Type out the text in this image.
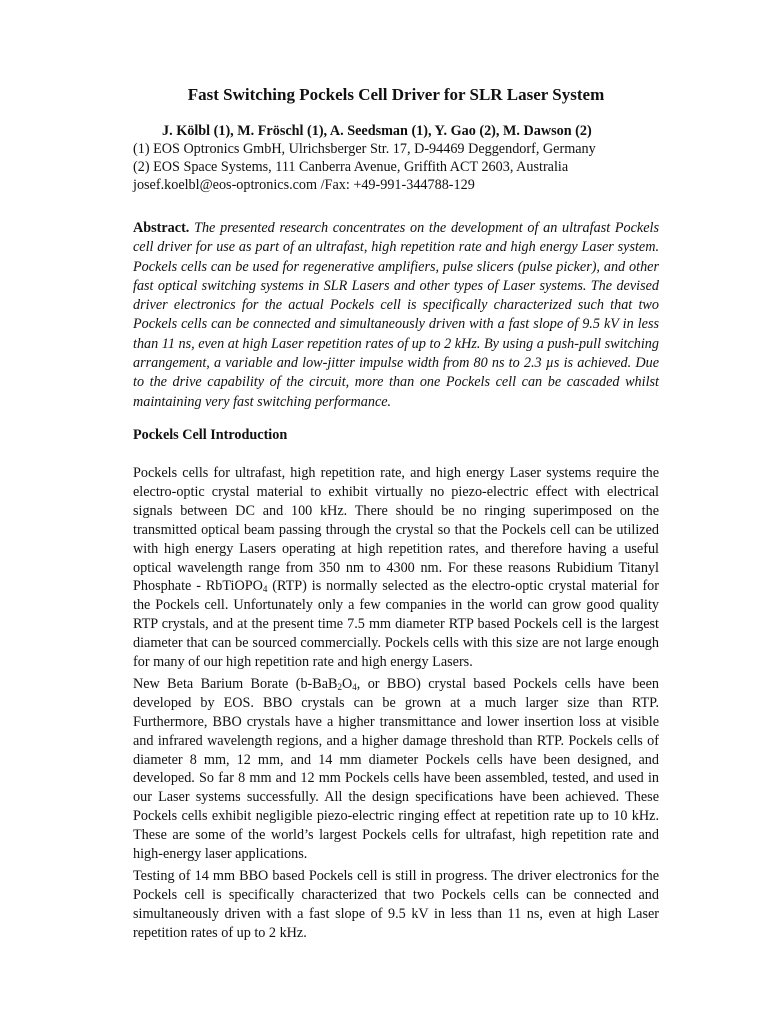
Fast Switching Pockels Cell Driver for SLR Laser System
J. Kölbl (1), M. Fröschl (1), A. Seedsman (1), Y. Gao (2), M. Dawson (2)
(1) EOS Optronics GmbH, Ulrichsberger Str. 17, D-94469 Deggendorf, Germany
(2) EOS Space Systems, 111 Canberra Avenue, Griffith ACT 2603, Australia
josef.koelbl@eos-optronics.com /Fax: +49-991-344788-129
Abstract. The presented research concentrates on the development of an ultrafast Pockels cell driver for use as part of an ultrafast, high repetition rate and high energy Laser system. Pockels cells can be used for regenerative amplifiers, pulse slicers (pulse picker), and other fast optical switching systems in SLR Lasers and other types of Laser systems. The devised driver electronics for the actual Pockels cell is specifically characterized such that two Pockels cells can be connected and simultaneously driven with a fast slope of 9.5 kV in less than 11 ns, even at high Laser repetition rates of up to 2 kHz. By using a push-pull switching arrangement, a variable and low-jitter impulse width from 80 ns to 2.3 µs is achieved. Due to the drive capability of the circuit, more than one Pockels cell can be cascaded whilst maintaining very fast switching performance.
Pockels Cell Introduction

Pockels cells for ultrafast, high repetition rate, and high energy Laser systems require the electro-optic crystal material to exhibit virtually no piezo-electric effect with electrical signals between DC and 100 kHz. There should be no ringing superimposed on the transmitted optical beam passing through the crystal so that the Pockels cell can be utilized with high energy Lasers operating at high repetition rates, and therefore having a useful optical wavelength range from 350 nm to 4300 nm. For these reasons Rubidium Titanyl Phosphate - RbTiOPO$_4$ (RTP) is normally selected as the electro-optic crystal material for the Pockels cell. Unfortunately only a few companies in the world can grow good quality RTP crystals, and at the present time 7.5 mm diameter RTP based Pockels cell is the largest diameter that can be sourced commercially. Pockels cells with this size are not large enough for many of our high repetition rate and high energy Lasers.

New Beta Barium Borate ($b-BaB_2O_4$, or BBO) crystal based Pockels cells have been developed by EOS. BBO crystals can be grown at a much larger size than RTP. Furthermore, BBO crystals have a higher transmittance and lower insertion loss at visible and infrared wavelength regions, and a higher damage threshold than RTP. Pockels cells of diameter 8 mm, 12 mm, and 14 mm diameter Pockels cells have been designed, and developed. So far 8 mm and 12 mm Pockels cells have been assembled, tested, and used in our Laser systems successfully. All the design specifications have been achieved. These Pockels cells exhibit negligible piezo-electric ringing effect at repetition rate up to 10 kHz. These are some of the world’s largest Pockels cells for ultrafast, high repetition rate and high-energy laser applications.

Testing of 14 mm BBO based Pockels cell is still in progress. The driver electronics for the Pockels cell is specifically characterized that two Pockels cells can be connected and simultaneously driven with a fast slope of 9.5 kV in less than 11 ns, even at high Laser repetition rates of up to 2 kHz.
